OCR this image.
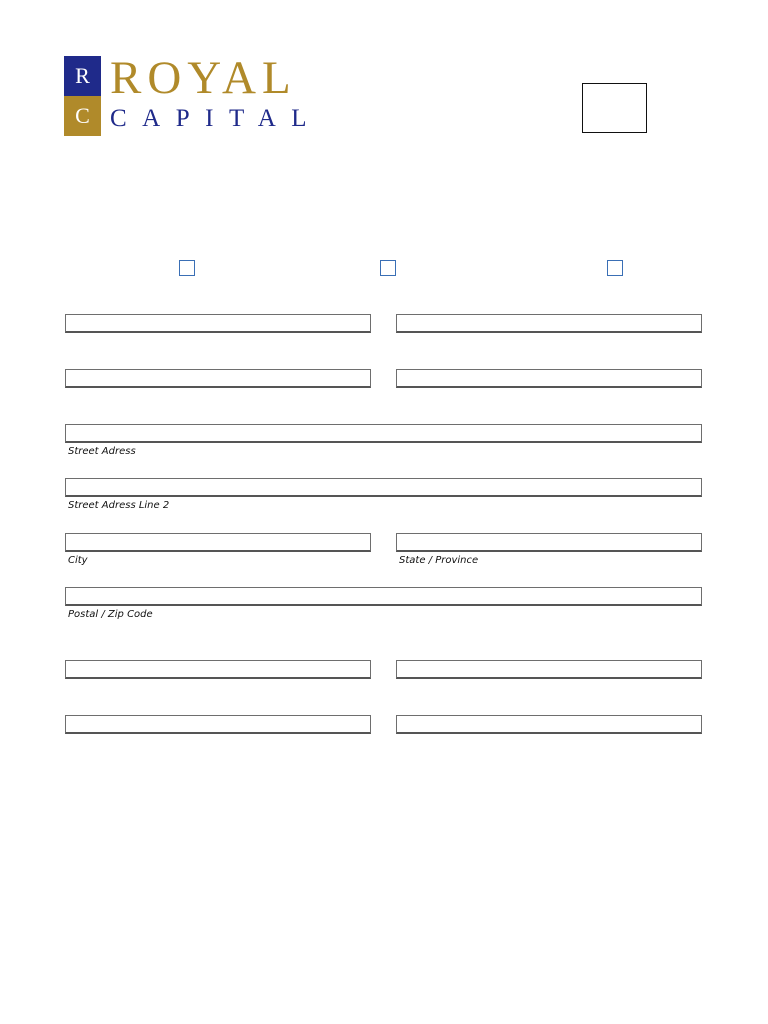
R
C
ROYAL
CAPITAL
Street Adress
Street Adress Line 2
City	State / Province
Postal / Zip Code
